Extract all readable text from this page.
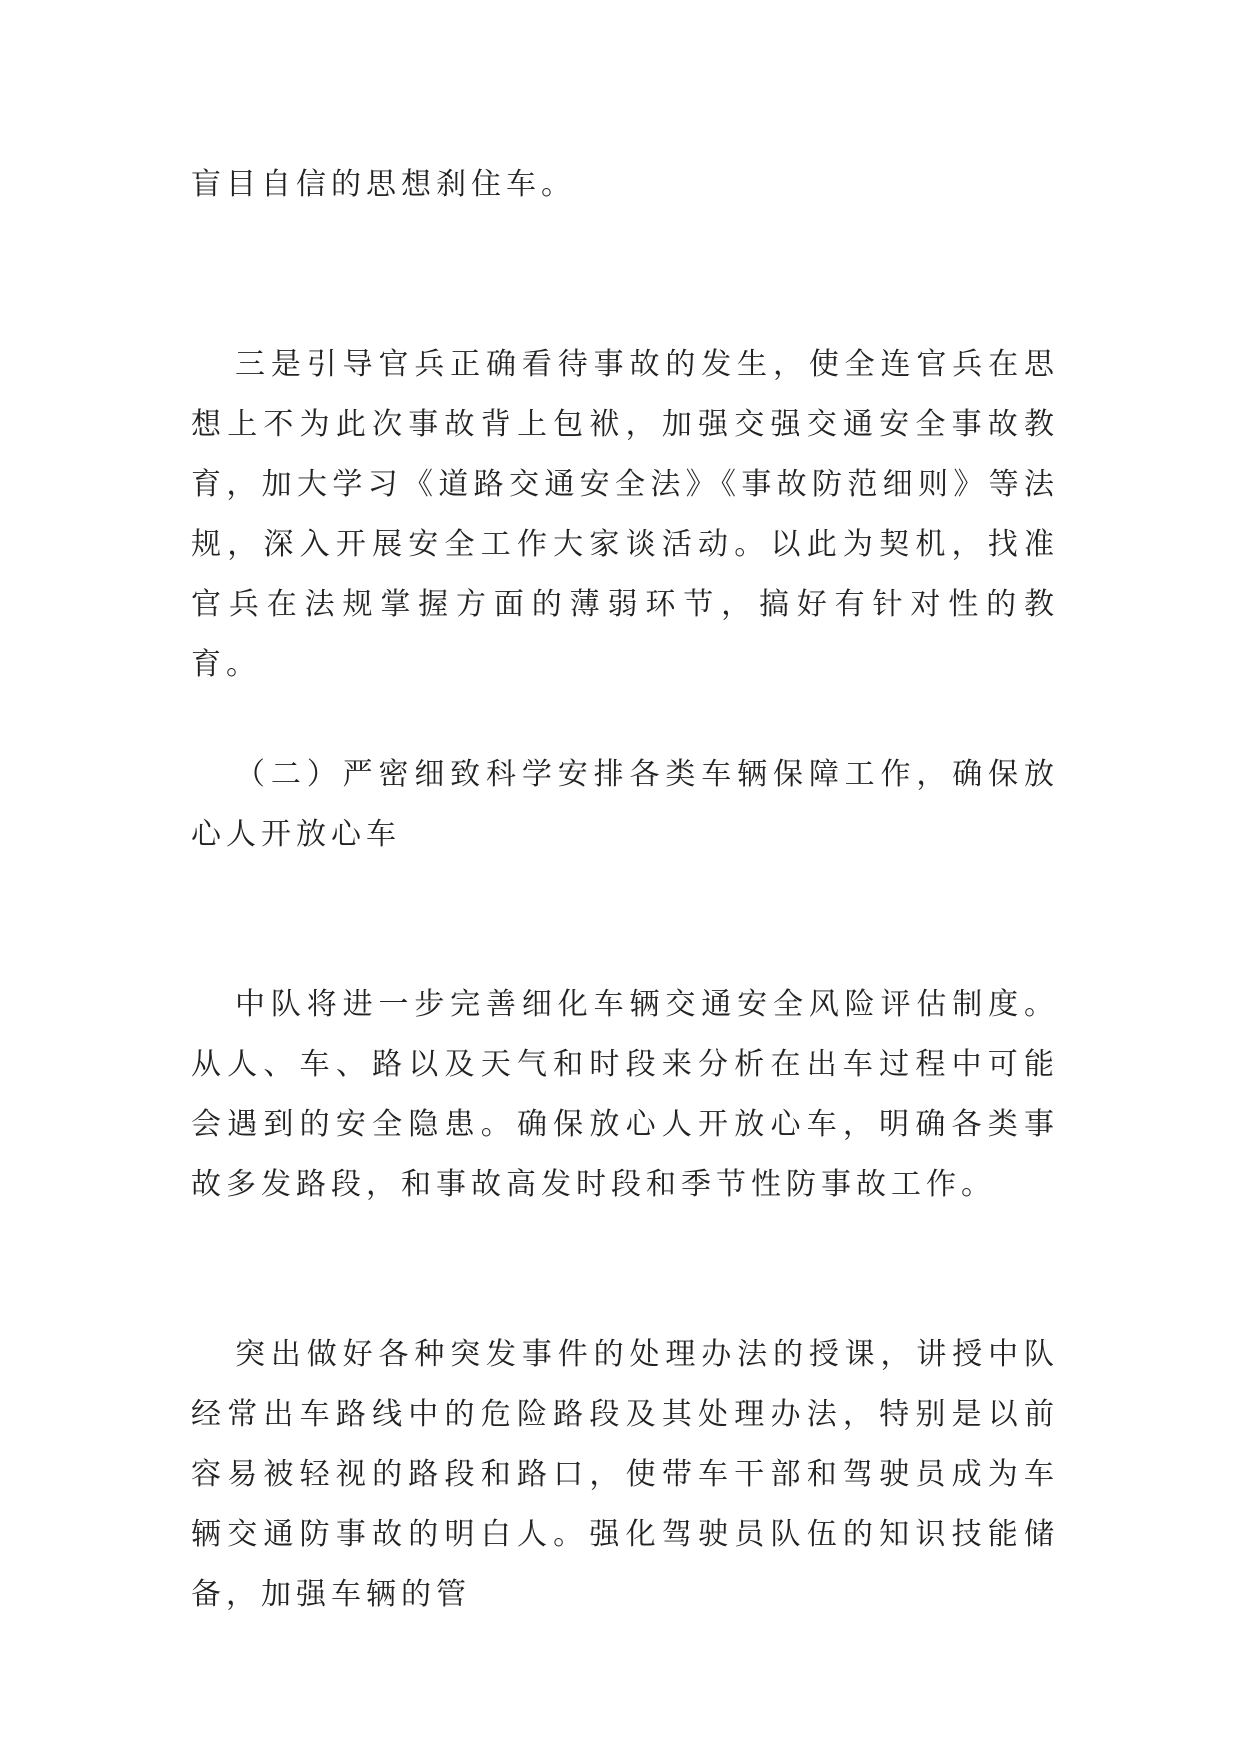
盲目自信的思想刹住车。

三是引导官兵正确看待事故的发生，使全连官兵在思想上不为此次事故背上包袱，加强交强交通安全事故教育，加大学习《道路交通安全法》《事故防范细则》等法规，深入开展安全工作大家谈活动。以此为契机，找准官兵在法规掌握方面的薄弱环节，搞好有针对性的教育。

（二）严密细致科学安排各类车辆保障工作，确保放心人开放心车

中队将进一步完善细化车辆交通安全风险评估制度。从人、车、路以及天气和时段来分析在出车过程中可能会遇到的安全隐患。确保放心人开放心车，明确各类事故多发路段，和事故高发时段和季节性防事故工作。

突出做好各种突发事件的处理办法的授课，讲授中队经常出车路线中的危险路段及其处理办法，特别是以前容易被轻视的路段和路口，使带车干部和驾驶员成为车辆交通防事故的明白人。强化驾驶员队伍的知识技能储备，加强车辆的管
